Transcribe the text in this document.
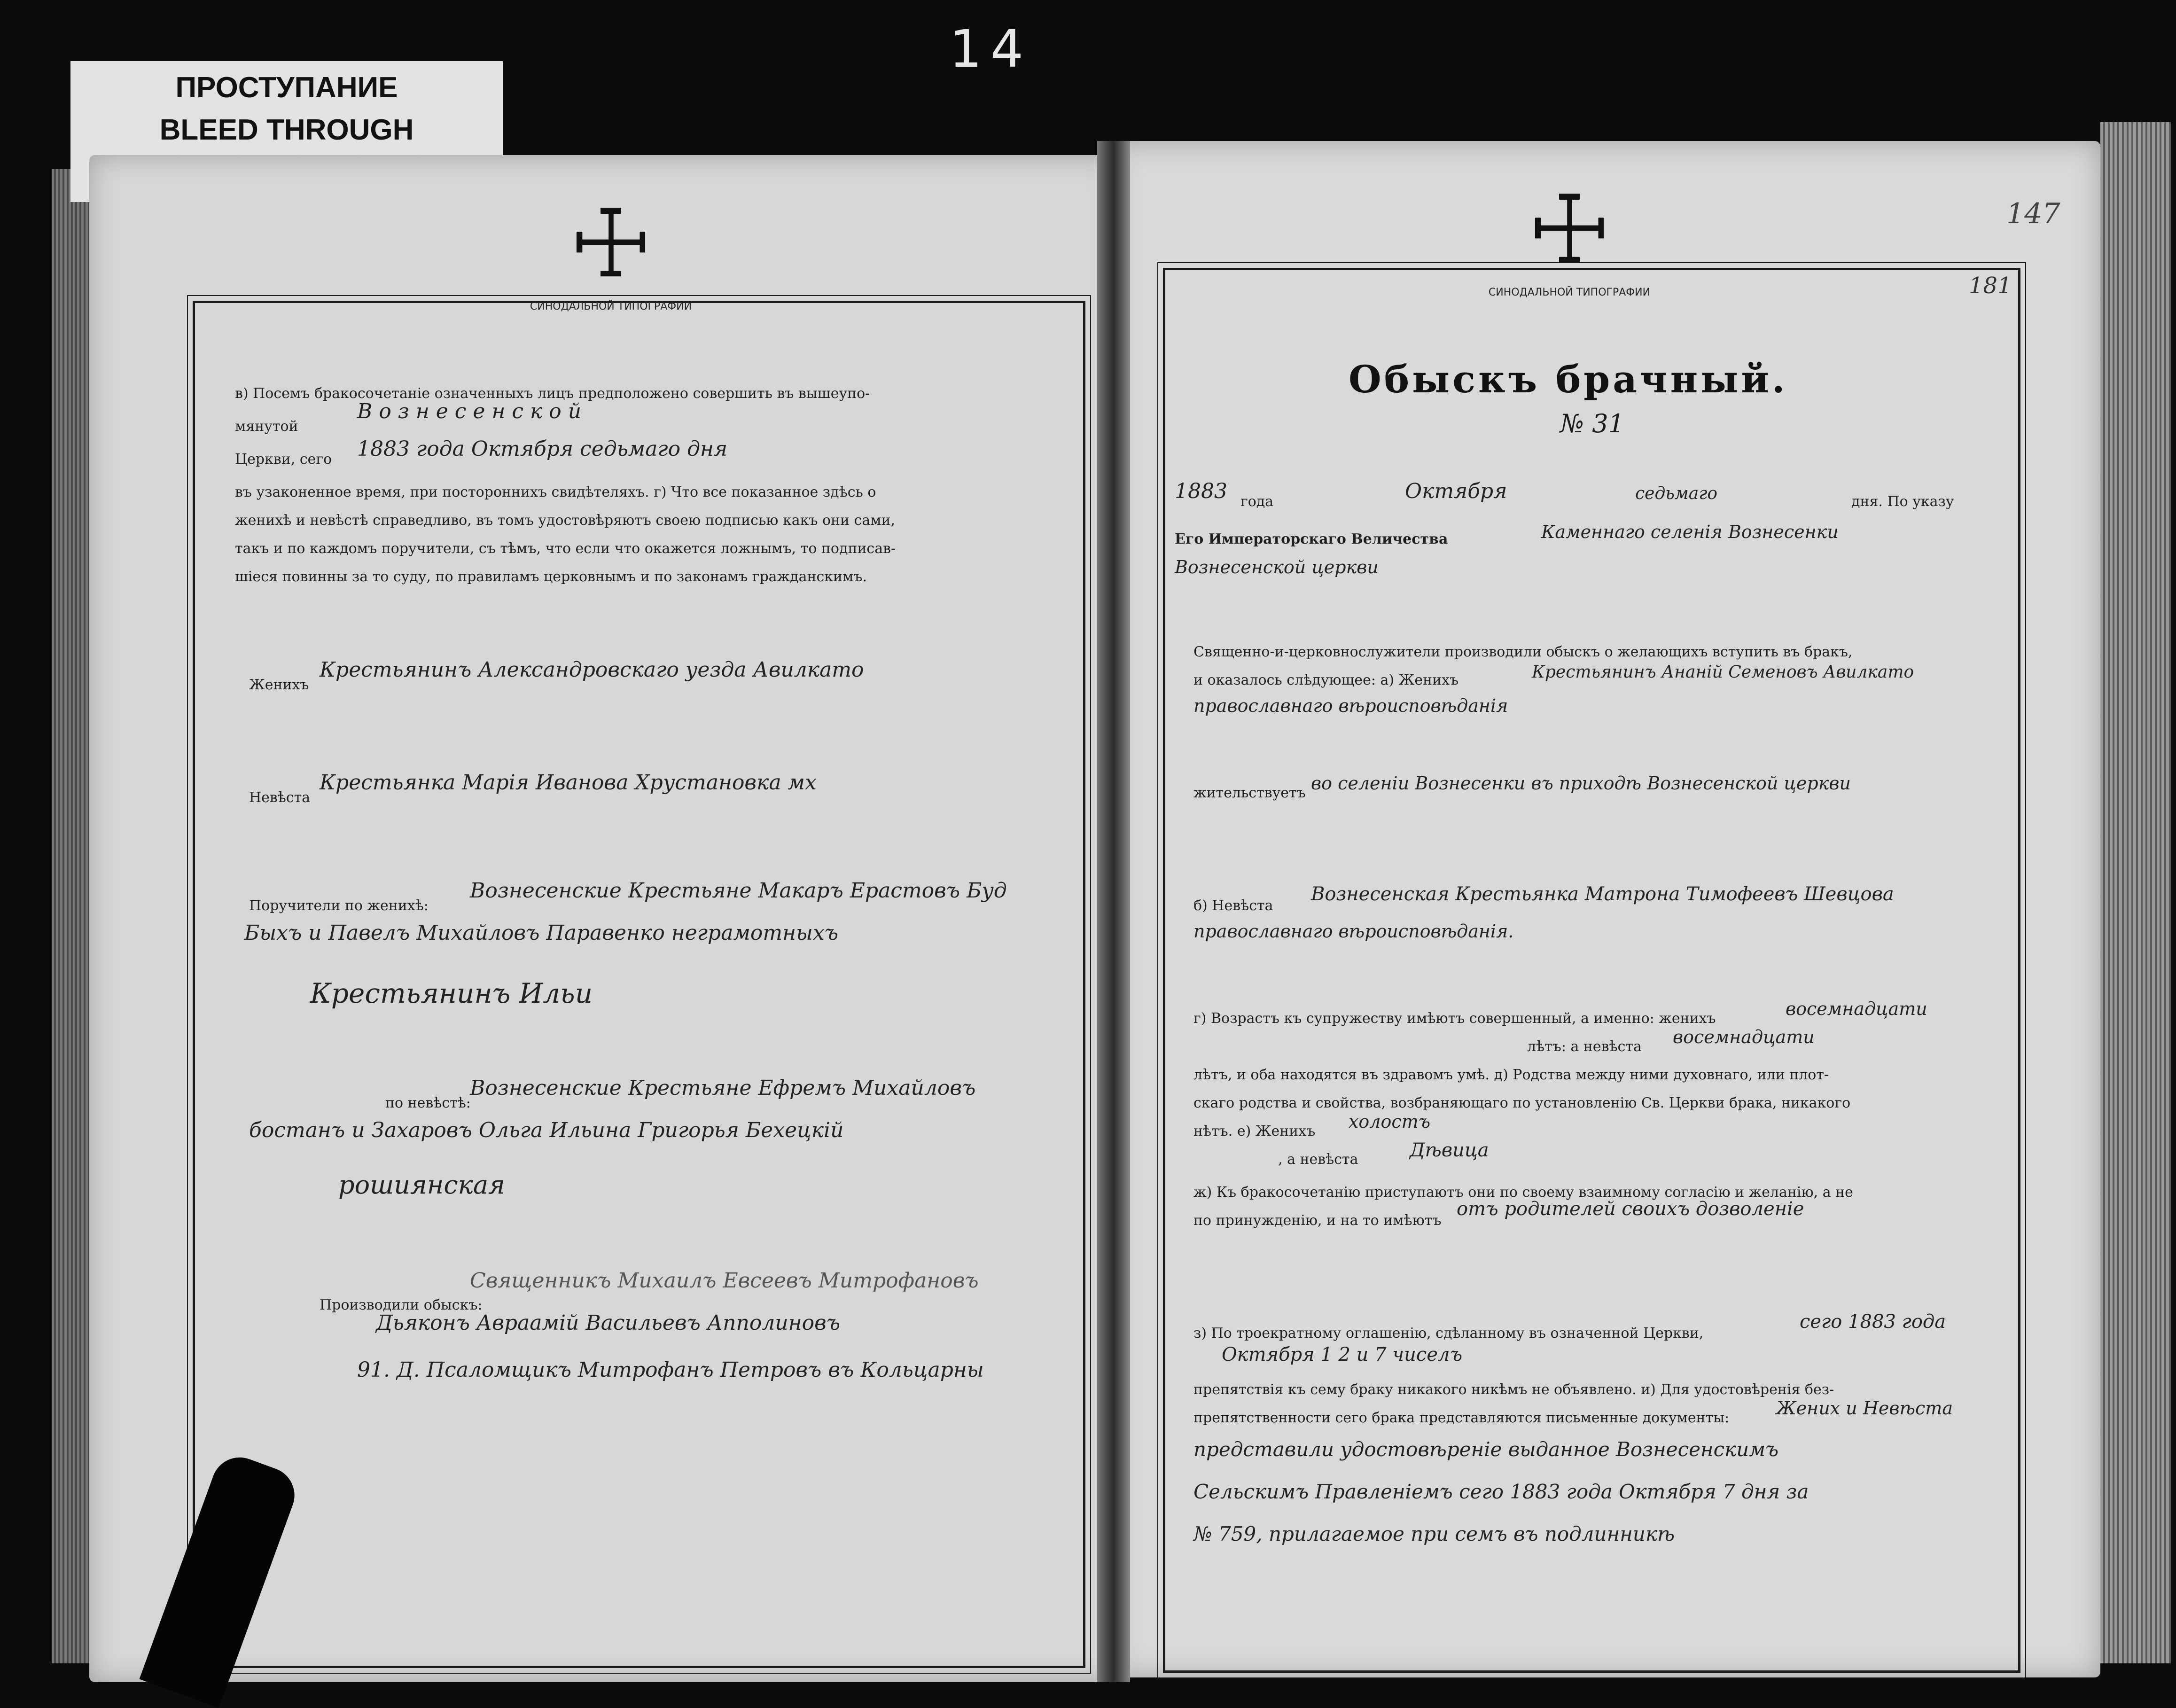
14
ПРОСТУПАНИЕ
BLEED THROUGH
☩
СИНОДАЛЬНОЙ ТИПОГРАФИИ
в) Посемъ бракосочетанiе означенныхъ лицъ предположено совершить въ вышеупо-
мянутой
В о з н е с е н с к о й
Церкви, сего 1883 года Октября седьмаго дня
въ узаконенное время, при постороннихъ свидѣтеляхъ. г) Что все показанное здѣсь о
женихѣ и невѣстѣ справедливо, въ томъ удостовѣряютъ своею подписью какъ они сами,
такъ и по каждомъ поручители, съ тѣмъ, что если что окажется ложнымъ, то подписав-
шiеся повинны за то суду, по правиламъ церковнымъ и по законамъ гражданскимъ.
Женихъ
Крестьянинъ Александровскаго уезда Авилкато
Невѣста
Крестьянка Марiя Иванова Хрустановка мх
Поручители по женихѣ:
Вознесенские Крестьяне Макаръ Ерастовъ Буд
Быхъ и Павелъ Михайловъ Паравенко неграмотныхъ
Крестьянинъ Ильи
по невѣстѣ:
Вознесенские Крестьяне Ефремъ Михайловъ
бостанъ и Захаровъ Ольга Ильина Григорья Бехецкiй
рошиянская
Производили обыскъ:
Священникъ Михаилъ Евсеевъ Митрофановъ
Дьяконъ Авраамiй Васильевъ Апполиновъ
91. Д. Псаломщикъ Митрофанъ Петровъ въ Кольцарны
☩
СИНОДАЛЬНОЙ ТИПОГРАФИИ
147
181
Обыскъ брачный.
№ 31
1883 года	Октября	седьмаго	дня. По указу
Его Императорскаго Величества	Каменнаго селенiя Вознесенки
Вознесенской церкви
Священно-и-церковнослужители производили обыскъ о желающихъ вступить въ бракъ,
и оказалось слѣдующее: а) Женихъ	Крестьянинъ Ананiй Семеновъ Авилкато
православнаго вѣроисповѣданiя
жительствуетъ во селенiи Вознесенки въ приходѣ Вознесенской церкви
б) Невѣста
Вознесенская Крестьянка Матрона Тимофеевъ Шевцовa
православнаго вѣроисповѣданiя.
г) Возрастъ къ супружеству имѣютъ совершенный, а именно: женихъ	восемнадцати
лѣтъ: а невѣста восемнадцати
лѣтъ, и оба находятся въ здравомъ умѣ. д) Родства между ними духовнаго, или плот-
скаго родства и свойства, возбраняющаго по установленiю Св. Церкви брака, никакого
нѣтъ. е) Женихъ холостъ
, а невѣста	Дѣвица
ж) Къ бракосочетанiю приступаютъ они по своему взаимному согласiю и желанiю, а не
по принужденiю, и на то имѣютъ
отъ родителей своихъ дозволенiе
з) По троекратному оглашенiю, сдѣланному въ означенной Церкви,
сего 1883 года
Октября 1 2 и 7 чиселъ
препятствiя къ сему браку никакого никѣмъ не объявлено. и) Для удостовѣренiя без-
препятственности сего брака представляются письменные документы:	Жених и Невѣста
представили удостовѣренiе выданное Вознесенскимъ
Сельскимъ Правленiемъ сего 1883 года Октября 7 дня за
№ 759, прилагаемое при семъ въ подлинникѣ
